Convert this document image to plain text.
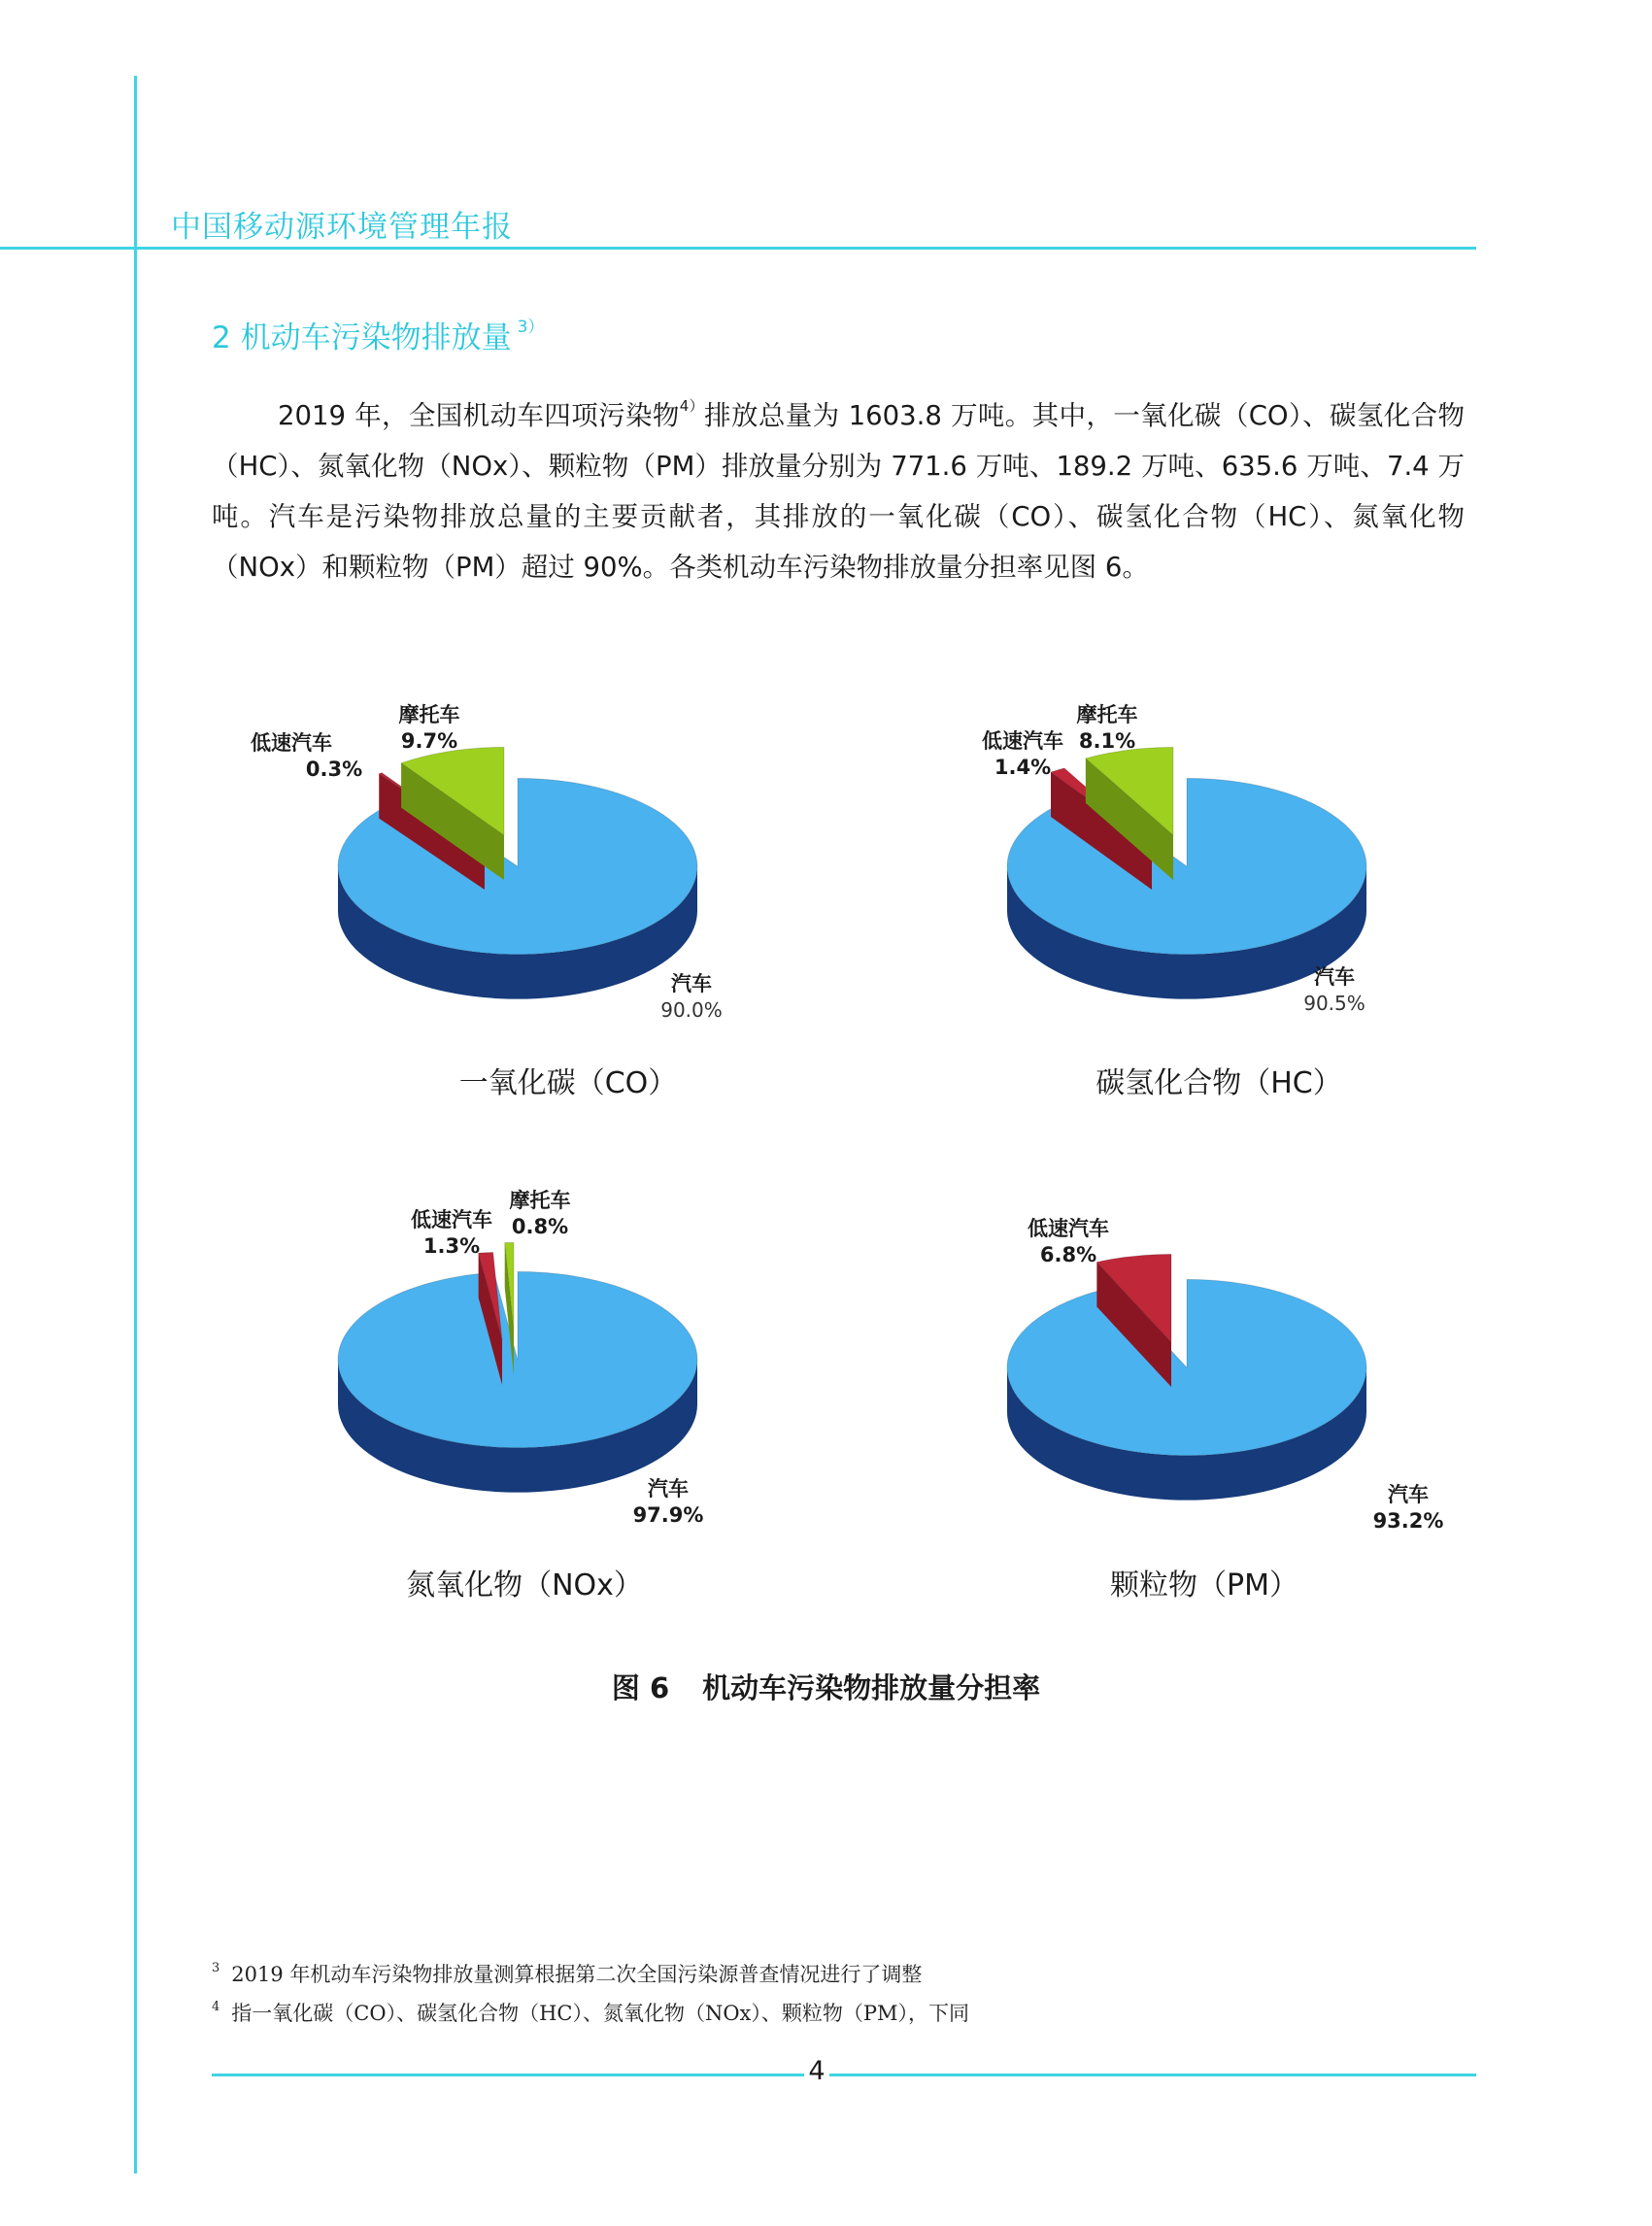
中国移动源环境管理年报
2 机动车污染物排放量 $^{3)}$

2019 年，全国机动车四项污染物$^{4)}$排放总量为 1603.8 万吨。其中，一氧化碳（CO）、碳氢化合物（HC）、氮氧化物（NOx）、颗粒物（PM）排放量分别为 771.6 万吨、189.2 万吨、635.6 万吨、7.4 万吨。汽车是污染物排放总量的主要贡献者，其排放的一氧化碳（CO）、碳氢化合物（HC）、氮氧化物（NOx）和颗粒物（PM）超过 90%。各类机动车污染物排放量分担率见图 6。

汽车
90.0%
低速汽车
0.3%
摩托车
9.7%
一氧化碳（CO）
汽车
90.5%
低速汽车
1.4%
摩托车
8.1%
碳氢化合物（HC）
汽车
97.9%
低速汽车
1.3%
摩托车
0.8%
氮氧化物（NOx）
汽车
93.2%
低速汽车
6.8%
颗粒物（PM）
图 6 机动车污染物排放量分担率
$^3$ 2019 年机动车污染物排放量测算根据第二次全国污染源普查情况进行了调整
$^4$ 指一氧化碳（CO）、碳氢化合物（HC）、氮氧化物（NOx）、颗粒物（PM），下同
4
